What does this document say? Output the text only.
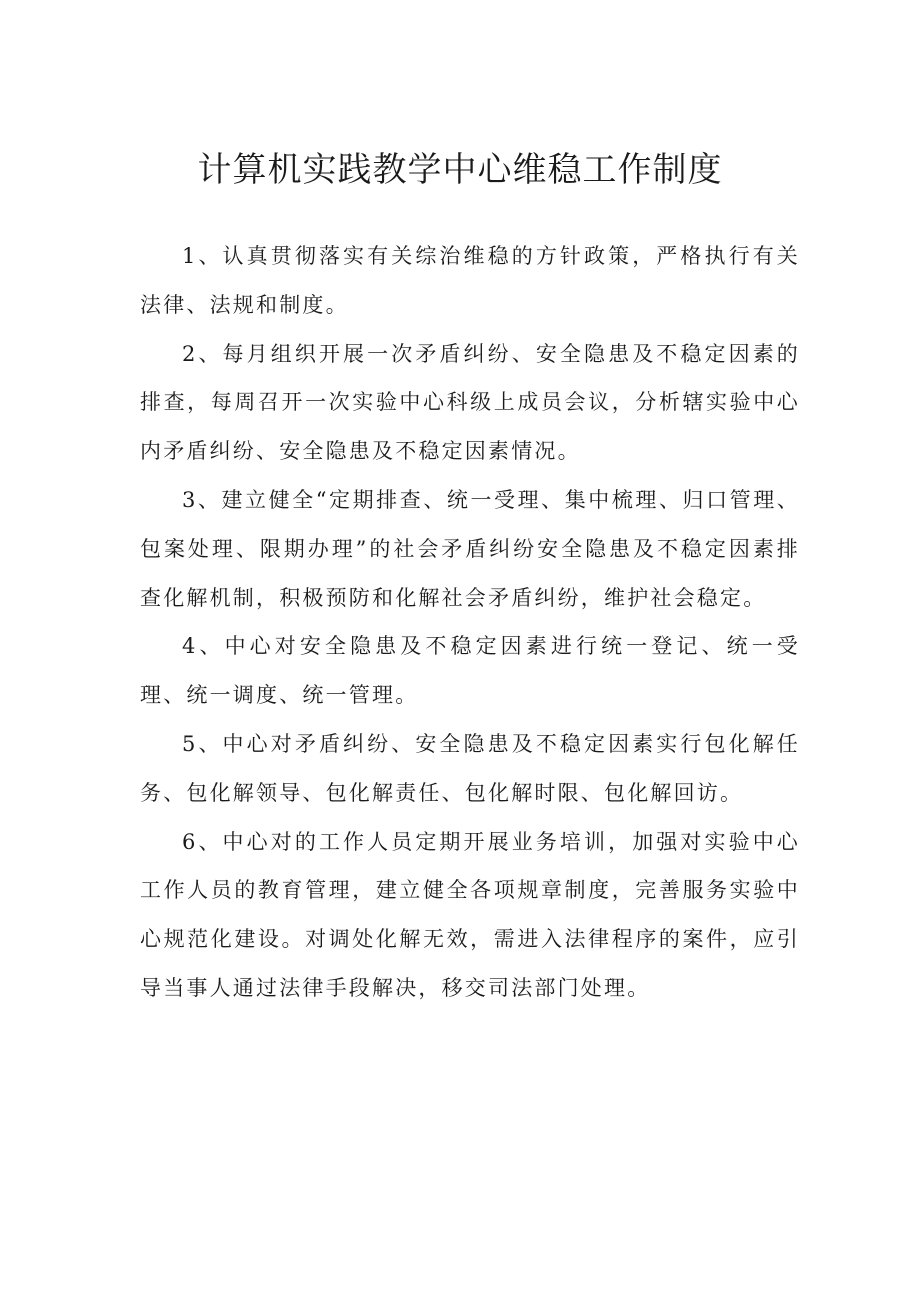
计算机实践教学中心维稳工作制度

1、认真贯彻落实有关综治维稳的方针政策，严格执行有关法律、法规和制度。

2、每月组织开展一次矛盾纠纷、安全隐患及不稳定因素的排查，每周召开一次实验中心科级上成员会议，分析辖实验中心内矛盾纠纷、安全隐患及不稳定因素情况。

3、建立健全“定期排查、统一受理、集中梳理、归口管理、包案处理、限期办理”的社会矛盾纠纷安全隐患及不稳定因素排查化解机制，积极预防和化解社会矛盾纠纷，维护社会稳定。

4、中心对安全隐患及不稳定因素进行统一登记、统一受理、统一调度、统一管理。

5、中心对矛盾纠纷、安全隐患及不稳定因素实行包化解任务、包化解领导、包化解责任、包化解时限、包化解回访。

6、中心对的工作人员定期开展业务培训，加强对实验中心工作人员的教育管理，建立健全各项规章制度，完善服务实验中心规范化建设。对调处化解无效，需进入法律程序的案件，应引导当事人通过法律手段解决，移交司法部门处理。
